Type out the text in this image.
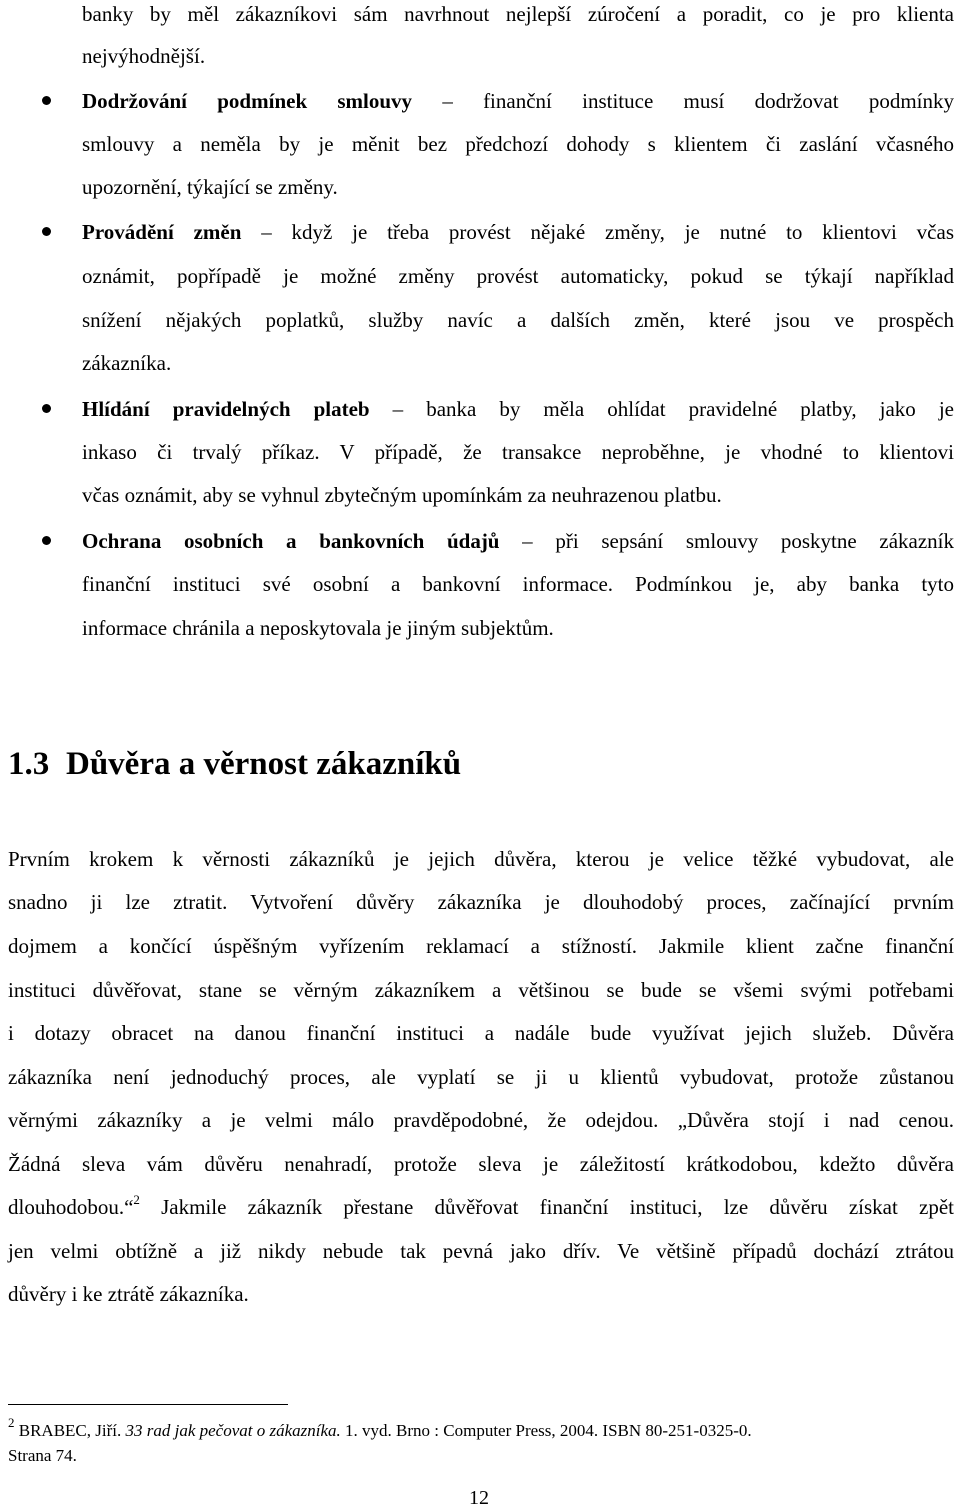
banky by měl zákazníkovi sám navrhnout nejlepší zúročení a poradit, co je pro klienta
nejvýhodnější.
Dodržování podmínek smlouvy – finanční instituce musí dodržovat podmínky
smlouvy a neměla by je měnit bez předchozí dohody s klientem či zaslání včasného
upozornění, týkající se změny.
Provádění změn – když je třeba provést nějaké změny, je nutné to klientovi včas
oznámit, popřípadě je možné změny provést automaticky, pokud se týkají například
snížení nějakých poplatků, služby navíc a dalších změn, které jsou ve prospěch
zákazníka.
Hlídání pravidelných plateb – banka by měla ohlídat pravidelné platby, jako je
inkaso či trvalý příkaz. V případě, že transakce neproběhne, je vhodné to klientovi
včas oznámit, aby se vyhnul zbytečným upomínkám za neuhrazenou platbu.
Ochrana osobních a bankovních údajů – při sepsání smlouvy poskytne zákazník
finanční instituci své osobní a bankovní informace. Podmínkou je, aby banka tyto
informace chránila a neposkytovala je jiným subjektům.
1.3 Důvěra a věrnost zákazníků
Prvním krokem k věrnosti zákazníků je jejich důvěra, kterou je velice těžké vybudovat, ale
snadno ji lze ztratit. Vytvoření důvěry zákazníka je dlouhodobý proces, začínající prvním
dojmem a končící úspěšným vyřízením reklamací a stížností. Jakmile klient začne finanční
instituci důvěřovat, stane se věrným zákazníkem a většinou se bude se všemi svými potřebami
i dotazy obracet na danou finanční instituci a nadále bude využívat jejich služeb. Důvěra
zákazníka není jednoduchý proces, ale vyplatí se ji u klientů vybudovat, protože zůstanou
věrnými zákazníky a je velmi málo pravděpodobné, že odejdou. „Důvěra stojí i nad cenou.
Žádná sleva vám důvěru nenahradí, protože sleva je záležitostí krátkodobou, kdežto důvěra
dlouhodobou.“$^2$ Jakmile zákazník přestane důvěřovat finanční instituci, lze důvěru získat zpět
jen velmi obtížně a již nikdy nebude tak pevná jako dřív. Ve většině případů dochází ztrátou
důvěry i ke ztrátě zákazníka.
$^2$ BRABEC, Jiří. 33 rad jak pečovat o zákazníka. 1. vyd. Brno : Computer Press, 2004. ISBN 80-251-0325-0.
Strana 74.
12
